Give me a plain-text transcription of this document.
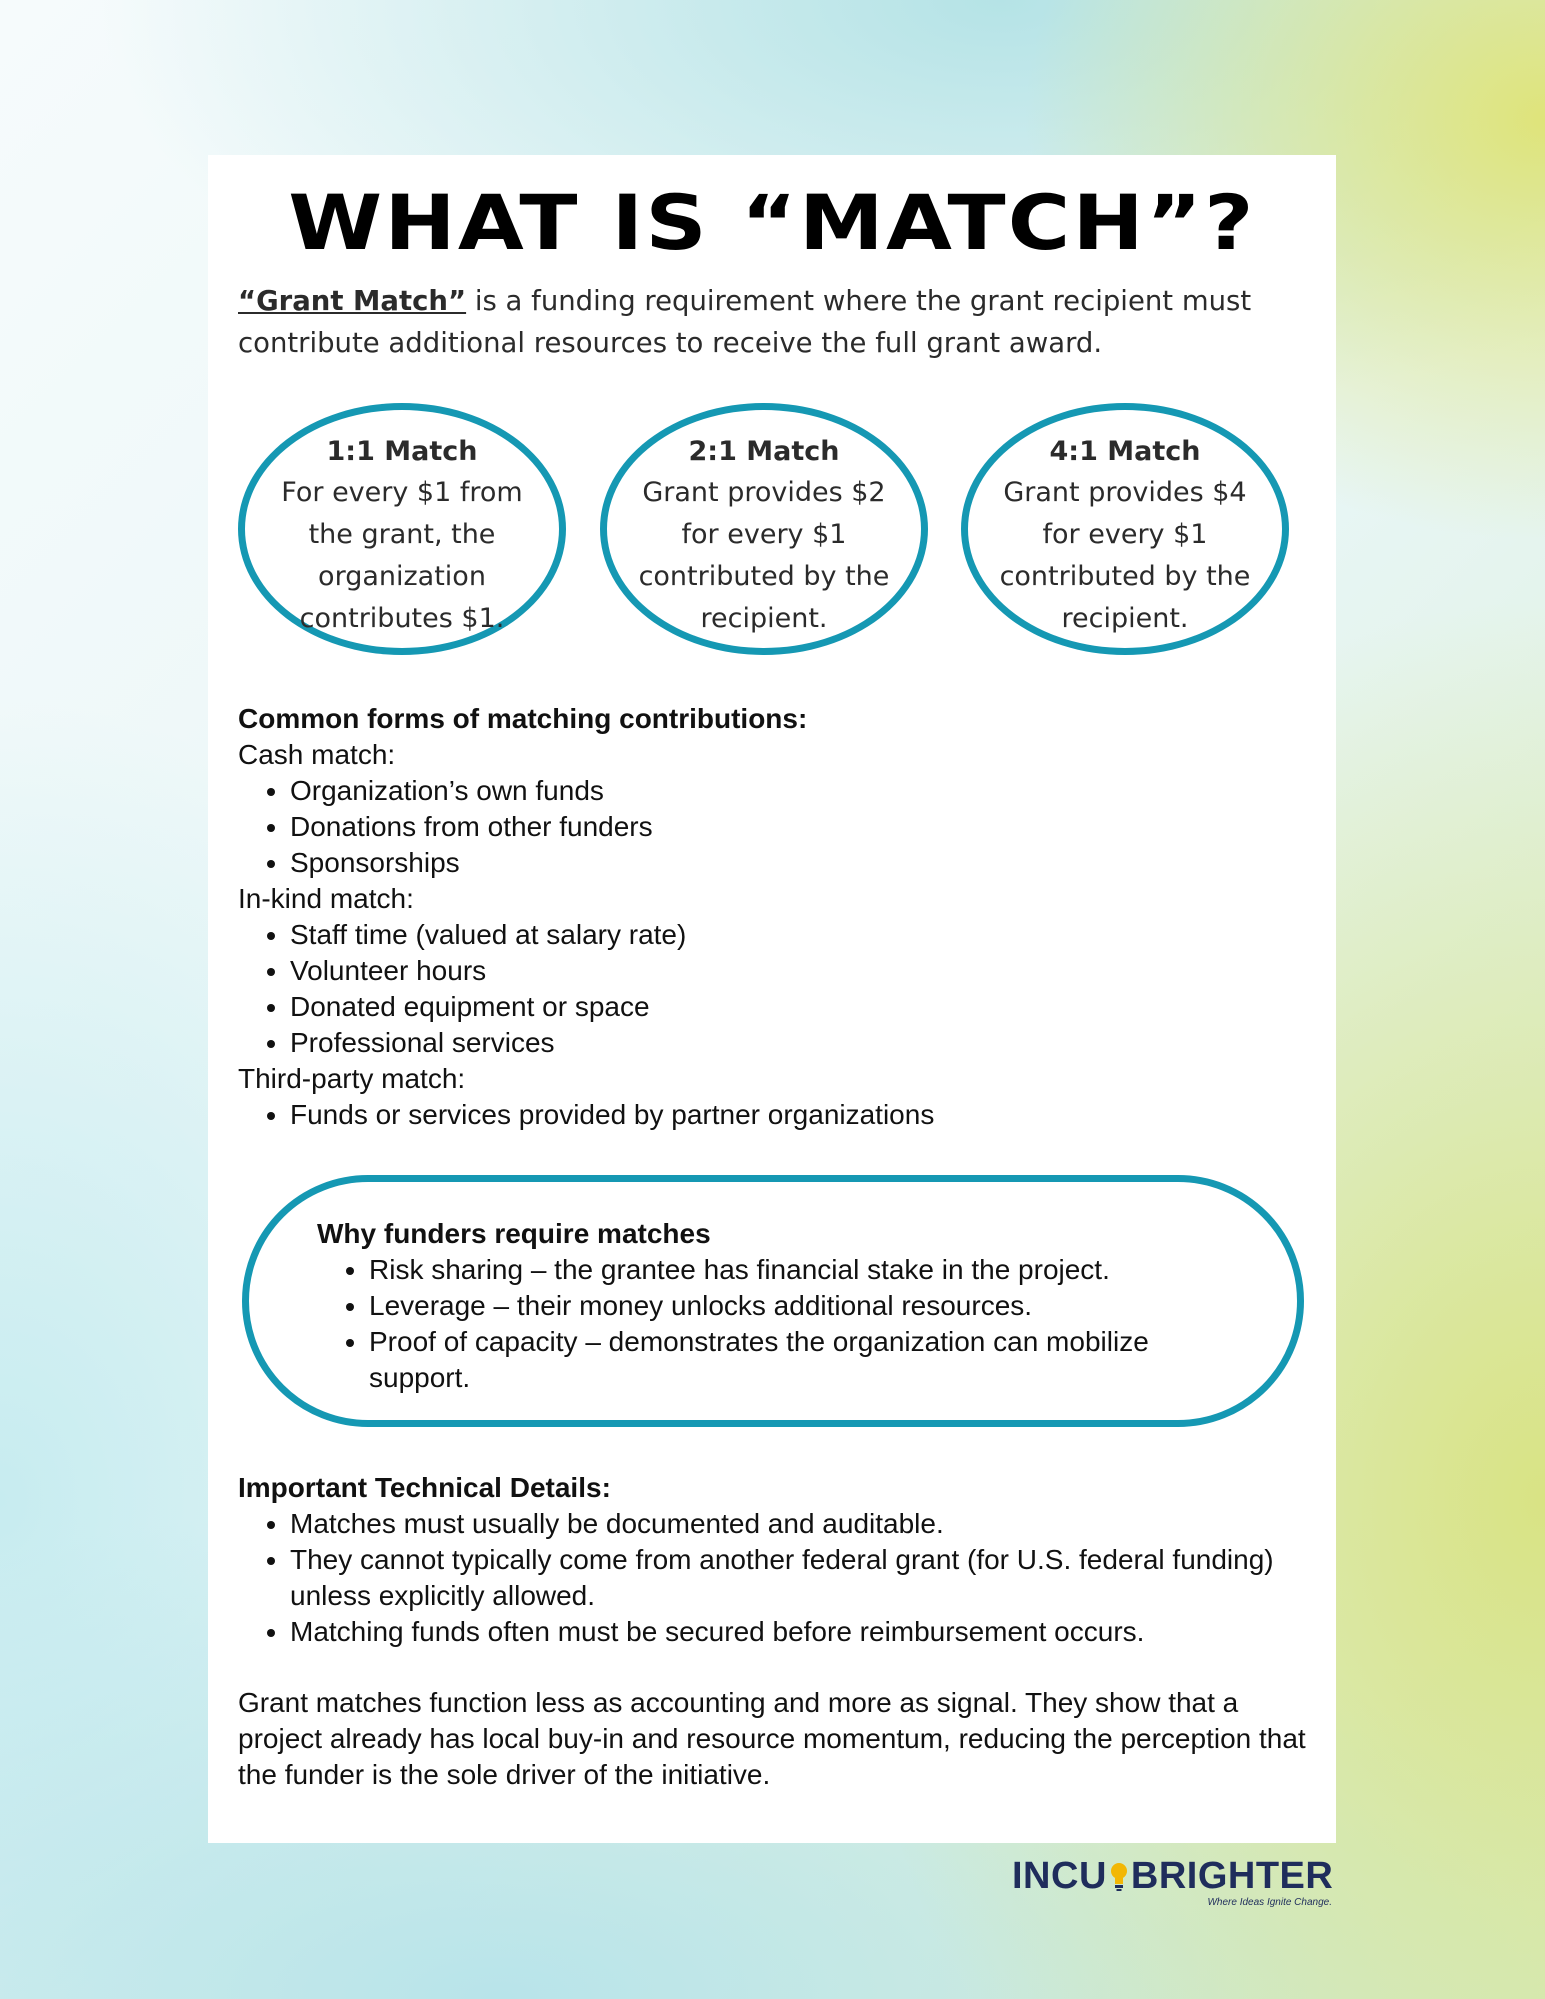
WHAT IS “MATCH”?

“Grant Match” is a funding requirement where the grant recipient must contribute additional resources to receive the full grant award.

1:1 Match
For every $1 from the grant, the organization contributes $1.
2:1 Match
Grant provides $2 for every $1 contributed by the recipient.
4:1 Match
Grant provides $4 for every $1 contributed by the recipient.
Common forms of matching contributions:

Cash match:

• Organization’s own funds
• Donations from other funders
• Sponsorships

In-kind match:

• Staff time (valued at salary rate)
• Volunteer hours
• Donated equipment or space
• Professional services

Third-party match:

• Funds or services provided by partner organizations
Why funders require matches
• Risk sharing – the grantee has financial stake in the project.
• Leverage – their money unlocks additional resources.
• Proof of capacity – demonstrates the organization can mobilize support.
Important Technical Details:
• Matches must usually be documented and auditable.
• They cannot typically come from another federal grant (for U.S. federal funding) unless explicitly allowed.
• Matching funds often must be secured before reimbursement occurs.

Grant matches function less as accounting and more as signal. They show that a project already has local buy-in and resource momentum, reducing the perception that the funder is the sole driver of the initiative.

INCU BRIGHTER
Where Ideas Ignite Change.
